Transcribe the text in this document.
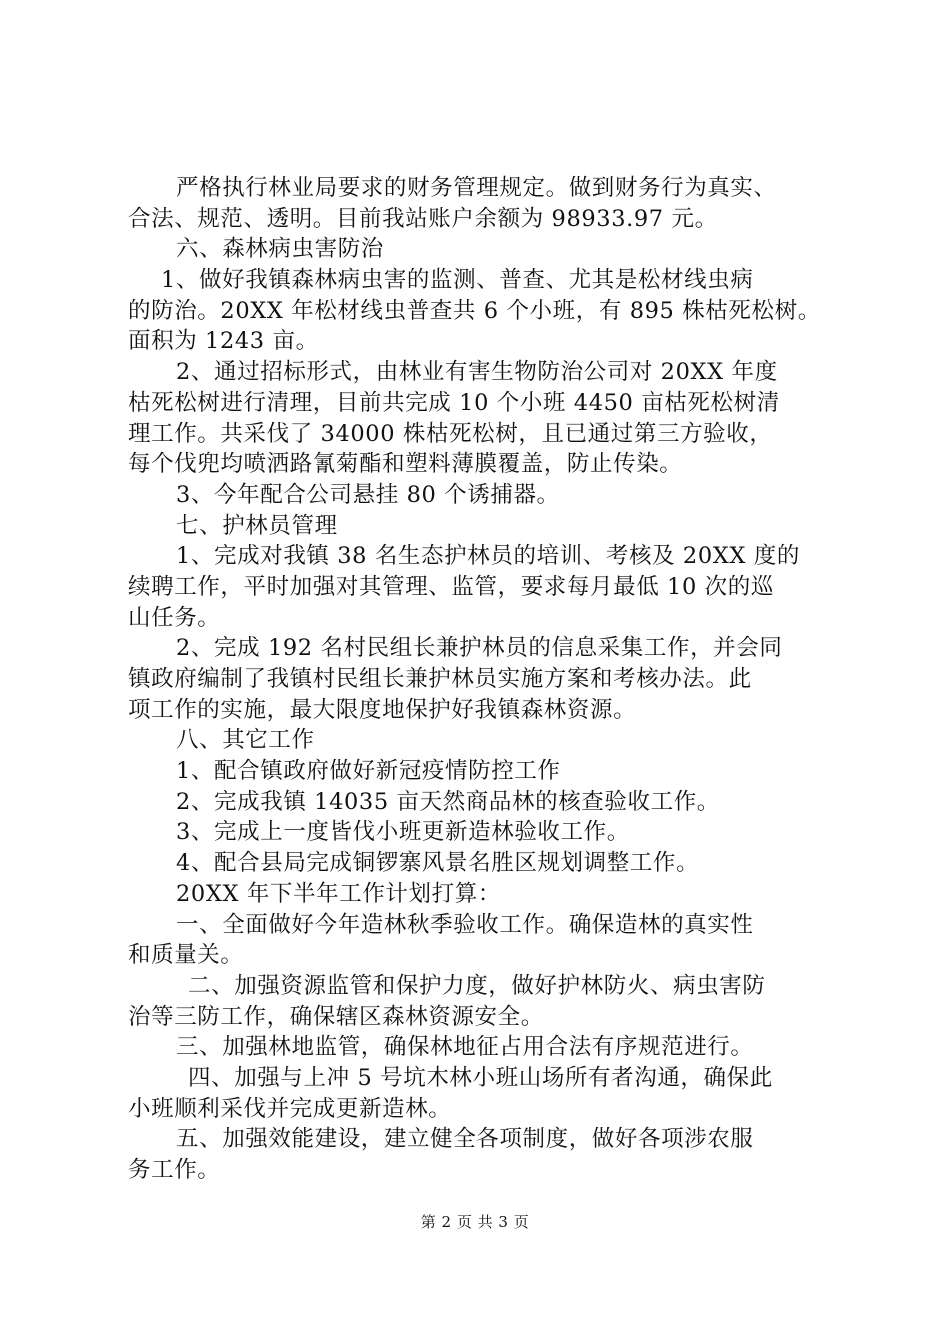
严格执行林业局要求的财务管理规定。做到财务行为真实、
合法、规范、透明。目前我站账户余额为 98933.97 元。
六、森林病虫害防治
1、做好我镇森林病虫害的监测、普查、尤其是松材线虫病
的防治。20XX 年松材线虫普查共 6 个小班，有 895 株枯死松树。
面积为 1243 亩。
2、通过招标形式，由林业有害生物防治公司对 20XX 年度
枯死松树进行清理，目前共完成 10 个小班 4450 亩枯死松树清
理工作。共采伐了 34000 株枯死松树，且已通过第三方验收，
每个伐兜均喷洒路氰菊酯和塑料薄膜覆盖，防止传染。
3、今年配合公司悬挂 80 个诱捕器。
七、护林员管理
1、完成对我镇 38 名生态护林员的培训、考核及 20XX 度的
续聘工作，平时加强对其管理、监管，要求每月最低 10 次的巡
山任务。
2、完成 192 名村民组长兼护林员的信息采集工作，并会同
镇政府编制了我镇村民组长兼护林员实施方案和考核办法。此
项工作的实施，最大限度地保护好我镇森林资源。
八、其它工作
1、配合镇政府做好新冠疫情防控工作
2、完成我镇 14035 亩天然商品林的核查验收工作。
3、完成上一度皆伐小班更新造林验收工作。
4、配合县局完成铜锣寨风景名胜区规划调整工作。
20XX 年下半年工作计划打算：
一、全面做好今年造林秋季验收工作。确保造林的真实性
和质量关。
二、加强资源监管和保护力度，做好护林防火、病虫害防
治等三防工作，确保辖区森林资源安全。
三、加强林地监管，确保林地征占用合法有序规范进行。
四、加强与上冲 5 号坑木林小班山场所有者沟通，确保此
小班顺利采伐并完成更新造林。
五、加强效能建设，建立健全各项制度，做好各项涉农服
务工作。
第 2 页 共 3 页
